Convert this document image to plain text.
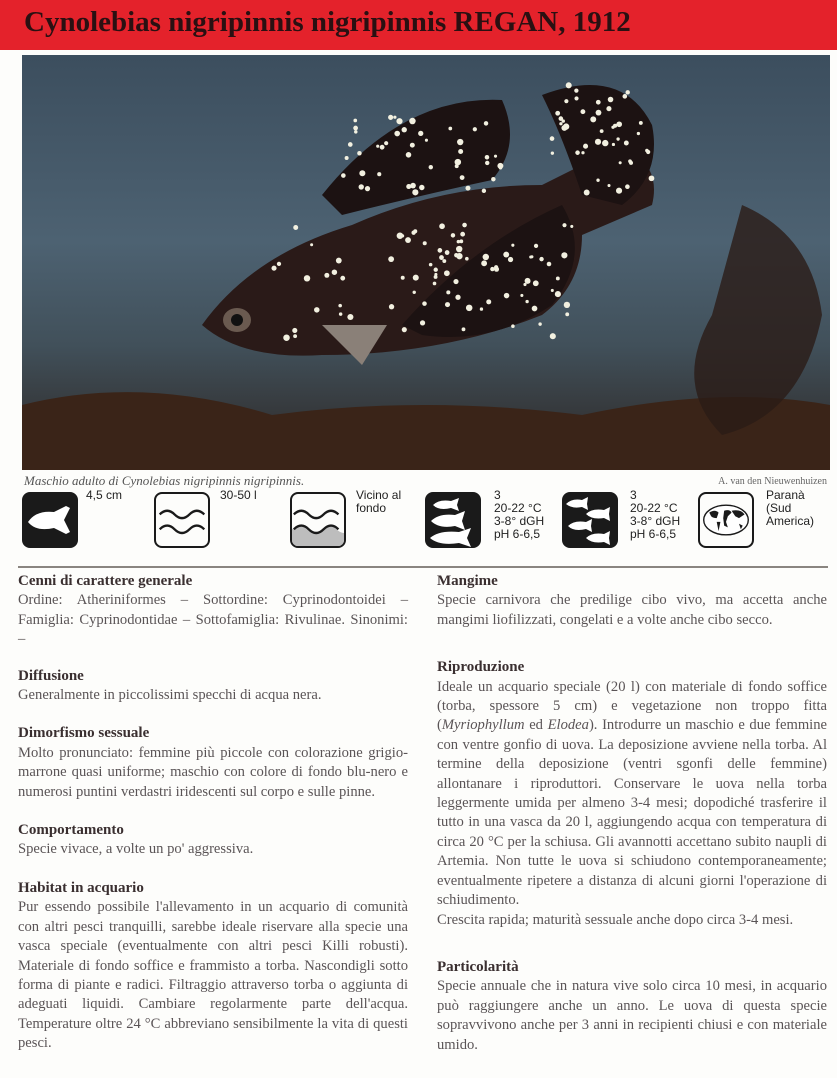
Cynolebias nigripinnis nigripinnis REGAN, 1912
Maschio adulto di Cynolebias nigripinnis nigripinnis.	A. van den Nieuwenhuizen
4,5 cm	30-50 l	Vicino al
fondo
3
20-22 °C
3-8° dGH
pH 6-6,5
3
20-22 °C
3-8° dGH
pH 6-6,5
Paranà
(Sud
America)
Cenni di carattere generale

Ordine: Atheriniformes – Sottordine: Cyprinodontoidei – Famiglia: Cyprinodontidae – Sottofamiglia: Rivulinae. Sinonimi: –

Diffusione

Generalmente in piccolissimi specchi di acqua nera.

Dimorfismo sessuale

Molto pronunciato: femmine più piccole con colorazione grigio-marrone quasi uniforme; maschio con colore di fondo blu-nero e numerosi puntini verdastri iridescenti sul corpo e sulle pinne.

Comportamento

Specie vivace, a volte un po' aggressiva.

Habitat in acquario

Pur essendo possibile l'allevamento in un acquario di comunità con altri pesci tranquilli, sarebbe ideale riservare alla specie una vasca speciale (eventualmente con altri pesci Killi robusti). Materiale di fondo soffice e frammisto a torba. Nascondigli sotto forma di piante e radici. Filtraggio attraverso torba o aggiunta di adeguati liquidi. Cambiare regolarmente parte dell'acqua. Temperature oltre 24 °C abbreviano sensibilmente la vita di questi pesci.

Mangime

Specie carnivora che predilige cibo vivo, ma accetta anche mangimi liofilizzati, congelati e a volte anche cibo secco.

Riproduzione

Ideale un acquario speciale (20 l) con materiale di fondo soffice (torba, spessore 5 cm) e vegetazione non troppo fitta (Myriophyllum ed Elodea). Introdurre un maschio e due femmine con ventre gonfio di uova. La deposizione avviene nella torba. Al termine della deposizione (ventri sgonfi delle femmine) allontanare i riproduttori. Conservare le uova nella torba leggermente umida per almeno 3-4 mesi; dopodiché trasferire il tutto in una vasca da 20 l, aggiungendo acqua con temperatura di circa 20 °C per la schiusa. Gli avannotti accettano subito naupli di Artemia. Non tutte le uova si schiudono contemporaneamente; eventualmente ripetere a distanza di alcuni giorni l'operazione di schiudimento.

Crescita rapida; maturità sessuale anche dopo circa 3-4 mesi.

Particolarità

Specie annuale che in natura vive solo circa 10 mesi, in acquario può raggiungere anche un anno. Le uova di questa specie sopravvivono anche per 3 anni in recipienti chiusi e con materiale umido.
